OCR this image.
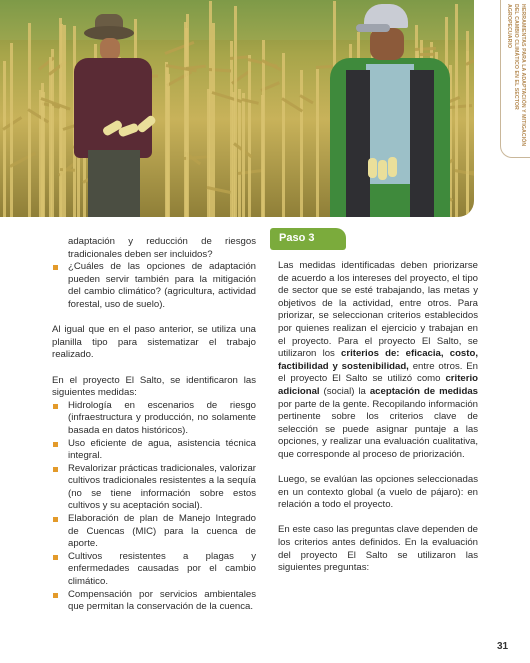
HERRAMIENTAS PARA LA ADAPTACIÓN Y MITIGACIÓN DEL CAMBIO CLIMÁTICO EN EL SECTOR AGROPECUARIO
adaptación y reducción de riesgos tradicionales deben ser incluidos?
¿Cuáles de las opciones de adaptación pueden servir también para la mitigación del cambio climático? (agricultura, actividad forestal, uso de suelo).

Al igual que en el paso anterior, se utiliza una planilla tipo para sistematizar el trabajo realizado.

En el proyecto El Salto, se identificaron las siguientes medidas:

Hidrología en escenarios de riesgo (infraestructura y producción, no solamente basada en datos históricos).
Uso eficiente de agua, asistencia técnica integral.
Revalorizar prácticas tradicionales, valorizar cultivos tradicionales resistentes a la sequía (no se tiene información sobre estos cultivos y su aceptación social).
Elaboración de plan de Manejo Integrado de Cuencas (MIC) para la cuenca de aporte.
Cultivos resistentes a plagas y enfermedades causadas por el cambio climático.
Compensación por servicios ambientales que permitan la conservación de la cuenca.
Paso 3

Las medidas identificadas deben priorizarse de acuerdo a los intereses del proyecto, el tipo de sector que se esté trabajando, las metas y objetivos de la actividad, entre otros. Para priorizar, se seleccionan criterios establecidos por quienes realizan el ejercicio y trabajan en el proyecto. Para el proyecto El Salto, se utilizaron los criterios de: eficacia, costo, factibilidad y sostenibilidad, entre otros. En el proyecto El Salto se utilizó como criterio adicional (social) la aceptación de medidas por parte de la gente. Recopilando información pertinente sobre los criterios clave de selección se puede asignar puntaje a las opciones, y realizar una evaluación cualitativa, que corresponde al proceso de priorización.

Luego, se evalúan las opciones seleccionadas en un contexto global (a vuelo de pájaro): en relación a todo el proyecto.

En este caso las preguntas clave dependen de los criterios antes definidos. En la evaluación del proyecto El Salto se utilizaron las siguientes preguntas:

31
